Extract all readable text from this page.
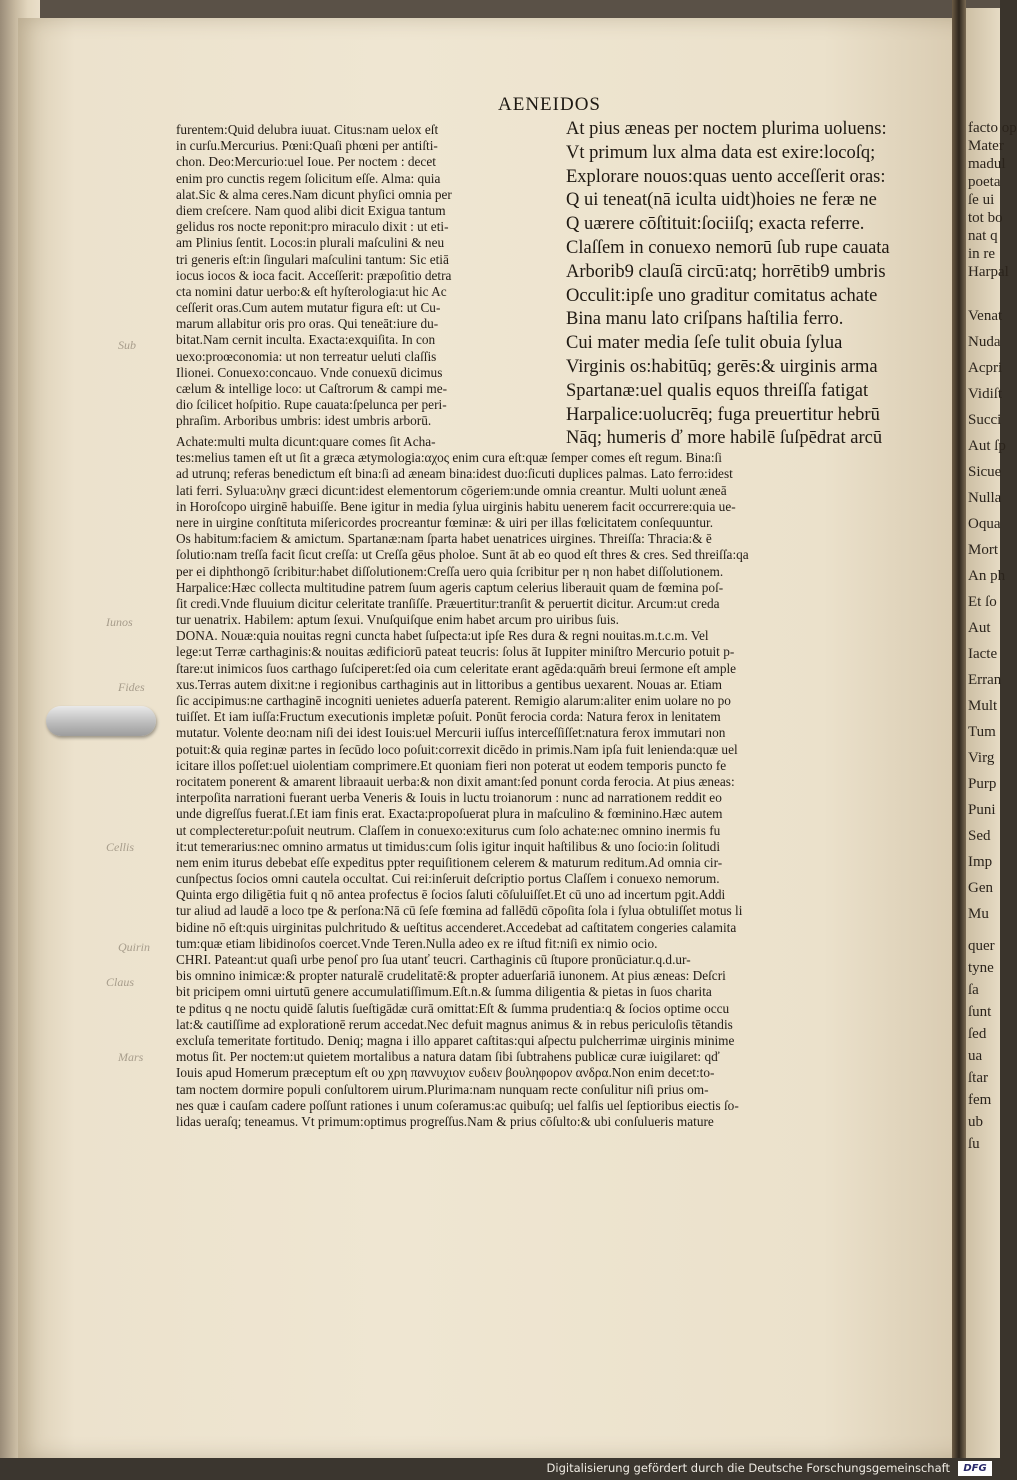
AENEIDOS
At pius æneas per noctem plurima uoluens:
Vt primum lux alma data est exire:locoſq;
Explorare nouos:quas uento acceſſerit oras:
Q ui teneat(nā iculta uidt)hoies ne feræ ne
Q uærere cōſtituit:ſociiſq; exacta referre.
Claſſem in conuexo nemorū ſub rupe cauata
Arborib9 clauſā circū:atq; horrētib9 umbris
Occulit:ipſe uno graditur comitatus achate
Bina manu lato criſpans haſtilia ferro.
Cui mater media ſeſe tulit obuia ſylua
Virginis os:habitūq; gerēs:& uirginis arma
Spartanæ:uel qualis equos threiſſa fatigat
Harpalice:uolucrēq; fuga preuertitur hebrū
Nāq; humeris ď more habilē ſuſpēdrat arcū
furentem:Quid delubra iuuat. Citus:nam uelox eſt
in curſu.Mercurius. Pœni:Quaſi phœni per antiſti-
chon. Deo:Mercurio:uel Ioue. Per noctem : decet
enim pro cunctis regem ſolicitum eſſe. Alma: quia
alat.Sic & alma ceres.Nam dicunt phyſici omnia per
diem creſcere. Nam quod alibi dicit Exigua tantum
gelidus ros nocte reponit:pro miraculo dixit : ut eti-
am Plinius ſentit. Locos:in plurali maſculini & neu
tri generis eſt:in ſingulari maſculini tantum: Sic etiā
iocus iocos & ioca facit. Acceſſerit: præpoſitio detra
cta nomini datur uerbo:& eſt hyſterologia:ut hic Ac
ceſſerit oras.Cum autem mutatur figura eſt: ut Cu-
marum allabitur oris pro oras. Qui teneāt:iure du-
bitat.Nam cernit inculta. Exacta:exquiſita. In con
uexo:proœconomia: ut non terreatur ueluti claſſis
Ilionei. Conuexo:concauo. Vnde conuexū dicimus
cælum & intellige loco: ut Caſtrorum & campi me-
dio ſcilicet hoſpitio. Rupe cauata:ſpelunca per peri-
phraſim. Arboribus umbris: idest umbris arborū.
Achate:multi multa dicunt:quare comes ſit Acha-
tes:melius tamen eſt ut ſit a græca ætymologia:αχος enim cura eſt:quæ ſemper comes eſt regum. Bina:ſi
ad utrunq; referas benedictum eſt bina:ſi ad æneam bina:idest duo:ſicuti duplices palmas. Lato ferro:idest
lati ferri. Sylua:υλην græci dicunt:idest elementorum cōgeriem:unde omnia creantur. Multi uolunt æneā
in Horoſcopo uirginē habuiſſe. Bene igitur in media ſylua uirginis habitu uenerem facit occurrere:quia ue-
nere in uirgine conſtituta miſericordes procreantur fœminæ: & uiri per illas fœlicitatem conſequuntur.
Os habitum:faciem & amictum. Spartanæ:nam ſparta habet uenatrices uirgines. Threiſſa: Thracia:& ē
ſolutio:nam treſſa facit ſicut creſſa: ut Creſſa gēus pholoe. Sunt āt ab eo quod eſt thres & cres. Sed threiſſa:qa
per ei diphthongō ſcribitur:habet diſſolutionem:Creſſa uero quia ſcribitur per η non habet diſſolutionem.
Harpalice:Hæc collecta multitudine patrem ſuum ageris captum celerius liberauit quam de fœmina poſ-
ſit credi.Vnde fluuium dicitur celeritate tranſiſſe. Præuertitur:tranſit & peruertit dicitur. Arcum:ut creda
tur uenatrix. Habilem: aptum ſexui. Vnuſquiſque enim habet arcum pro uiribus ſuis.
DONA. Nouæ:quia nouitas regni cuncta habet ſuſpecta:ut ipſe Res dura & regni nouitas.m.t.c.m. Vel
lege:ut Terræ carthaginis:& nouitas ædificiorū pateat teucris: ſolus āt Iuppiter miniſtro Mercurio potuit p-
ſtare:ut inimicos ſuos carthago ſuſciperet:ſed oia cum celeritate erant agēda:quāṁ breui ſermone eſt ample
xus.Terras autem dixit:ne i regionibus carthaginis aut in littoribus a gentibus uexarent. Nouas ar. Etiam
ſic accipimus:ne carthaginē incogniti uenietes aduerſa paterent. Remigio alarum:aliter enim uolare no po
tuiſſet. Et iam iuſſa:Fructum executionis impletæ poſuit. Ponūt ferocia corda: Natura ferox in lenitatem
mutatur. Volente deo:nam niſi dei idest Iouis:uel Mercurii iuſſus interceſſiſſet:natura ferox immutari non
potuit:& quia reginæ partes in ſecūdo loco poſuit:correxit dicēdo in primis.Nam ipſa fuit lenienda:quæ uel
icitare illos poſſet:uel uiolentiam comprimere.Et quoniam fieri non poterat ut eodem temporis puncto fe
rocitatem ponerent & amarent libraauit uerba:& non dixit amant:ſed ponunt corda ferocia. At pius æneas:
interpoſita narrationi fuerant uerba Veneris & Iouis in luctu troianorum : nunc ad narrationem reddit eo
unde digreſſus fuerat.ſ.Et iam finis erat. Exacta:propoſuerat plura in maſculino & fœminino.Hæc autem
ut complecteretur:poſuit neutrum. Claſſem in conuexo:exiturus cum ſolo achate:nec omnino inermis fu
it:ut temerarius:nec omnino armatus ut timidus:cum ſolis igitur inquit haſtilibus & uno ſocio:in ſolitudi
nem enim iturus debebat eſſe expeditus ppter requiſitionem celerem & maturum reditum.Ad omnia cir-
cunſpectus ſocios omni cautela occultat. Cui rei:inſeruit deſcriptio portus Claſſem i conuexo nemorum.
Quinta ergo diligētia fuit q nō antea profectus ē ſocios ſaluti cōſuluiſſet.Et cū uno ad incertum pgit.Addi
tur aliud ad laudē a loco tpe & perſona:Nā cū ſeſe fœmina ad fallēdū cōpoſita ſola i ſylua obtuliſſet motus li
bidine nō eſt:quis uirginitas pulchritudo & ueſtitus accenderet.Accedebat ad caſtitatem congeries calamita
tum:quæ etiam libidinoſos coercet.Vnde Teren.Nulla adeo ex re iſtud fit:niſi ex nimio ocio.
CHRI. Pateant:ut quaſi urbe penoſ pro ſua utanť teucri. Carthaginis cū ſtupore pronūciatur.q.d.ur-
bis omnino inimicæ:& propter naturalē crudelitatē:& propter aduerſariā iunonem. At pius æneas: Deſcri
bit pricipem omni uirtutū genere accumulatiſſimum.Eſt.n.& ſumma diligentia & pietas in ſuos charita
te pditus q ne noctu quidē ſalutis ſueſtigādæ curā omittat:Eſt & ſumma prudentia:q & ſocios optime occu
lat:& cautiſſime ad explorationē rerum accedat.Nec defuit magnus animus & in rebus periculoſis tētandis
excluſa temeritate fortitudo. Deniq; magna i illo apparet caſtitas:qui aſpectu pulcherrimæ uirginis minime
motus ſit. Per noctem:ut quietem mortalibus a natura datam ſibi ſubtrahens publicæ curæ iuigilaret: qď
Iouis apud Homerum præceptum eſt ου χρη παννυχιον ευδειν βουληφορον ανδρα.Non enim decet:to-
tam noctem dormire populi conſultorem uirum.Plurima:nam nunquam recte conſulitur niſi prius om-
nes quæ i cauſam cadere poſſunt rationes i unum coſeramus:ac quibuſq; uel falſis uel ſeptioribus eiectis ſo-
lidas ueraſq; teneamus. Vt primum:optimus progreſſus.Nam & prius cōſulto:& ubi conſulueris mature
Sub
Iunos
Fides
Cellis
Quirin
Claus
Mars
facto op
Mater
madul
poeta
ſe ui
tot bo
nat q
in re
Harpal
Venat
Nuda
Acpri
Vidiſt
Succi
Aut ſp
Sicue
Nulla
Oqua
Mort
An ph
Et ſo
Aut
Iacte
Erran
Mult
Tum
Virg
Purp
Puni
Sed
Imp
Gen
Mu
quer
tyne
ſa
ſunt
ſed
ua
ſtar
fem
ub
ſu
Digitalisierung gefördert durch die Deutsche Forschungsgemeinschaft	DFG
